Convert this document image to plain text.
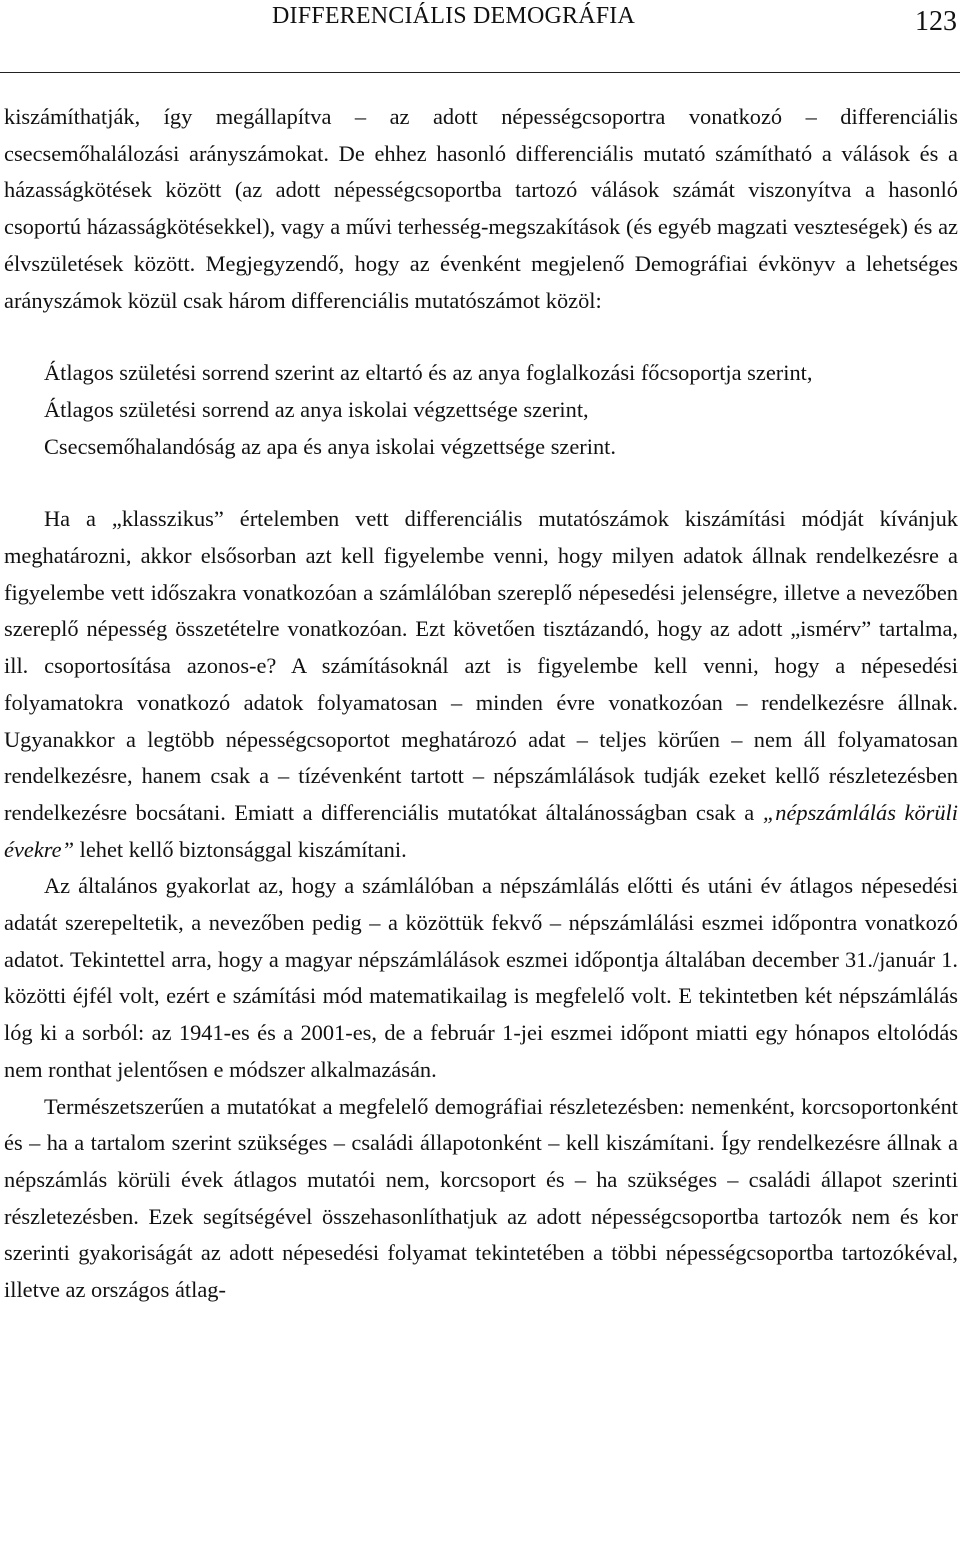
DIFFERENCIÁLIS DEMOGRÁFIA	123

kiszámíthatják, így megállapítva – az adott népességcsoportra vonatkozó – differenciális csecsemőhalálozási arányszámokat. De ehhez hasonló differenciális mutató számítható a válások és a házasságkötések között (az adott népességcsoportba tartozó válások számát viszonyítva a hasonló csoportú házasságkötésekkel), vagy a művi terhesség-megszakítások (és egyéb magzati veszteségek) és az élvszületések között. Megjegyzendő, hogy az évenként megjelenő Demográfiai évkönyv a lehetséges arányszámok közül csak három differenciális mutatószámot közöl:

Átlagos születési sorrend szerint az eltartó és az anya foglalkozási főcsoportja szerint,
Átlagos születési sorrend az anya iskolai végzettsége szerint,
Csecsemőhalandóság az apa és anya iskolai végzettsége szerint.

Ha a „klasszikus” értelemben vett differenciális mutatószámok kiszámítási módját kívánjuk meghatározni, akkor elsősorban azt kell figyelembe venni, hogy milyen adatok állnak rendelkezésre a figyelembe vett időszakra vonatkozóan a számlálóban szereplő népesedési jelenségre, illetve a nevezőben szereplő népesség összetételre vonatkozóan. Ezt követően tisztázandó, hogy az adott „ismérv” tartalma, ill. csoportosítása azonos-e? A számításoknál azt is figyelembe kell venni, hogy a népesedési folyamatokra vonatkozó adatok folyamatosan – minden évre vonatkozóan – rendelkezésre állnak. Ugyanakkor a legtöbb népességcsoportot meghatározó adat – teljes körűen – nem áll folyamatosan rendelkezésre, hanem csak a – tízévenként tartott – népszámlálások tudják ezeket kellő részletezésben rendelkezésre bocsátani. Emiatt a differenciális mutatókat általánosságban csak a „népszámlálás körüli évekre” lehet kellő biztonsággal kiszámítani.

Az általános gyakorlat az, hogy a számlálóban a népszámlálás előtti és utáni év átlagos népesedési adatát szerepeltetik, a nevezőben pedig – a közöttük fekvő – népszámlálási eszmei időpontra vonatkozó adatot. Tekintettel arra, hogy a magyar népszámlálások eszmei időpontja általában december 31./január 1. közötti éjfél volt, ezért e számítási mód matematikailag is megfelelő volt. E tekintetben két népszámlálás lóg ki a sorból: az 1941-es és a 2001-es, de a február 1-jei eszmei időpont miatti egy hónapos eltolódás nem ronthat jelentősen e módszer alkalmazásán.

Természetszerűen a mutatókat a megfelelő demográfiai részletezésben: nemenként, korcsoportonként és – ha a tartalom szerint szükséges – családi állapotonként – kell kiszámítani. Így rendelkezésre állnak a népszámlás körüli évek átlagos mutatói nem, korcsoport és – ha szükséges – családi állapot szerinti részletezésben. Ezek segítségével összehasonlíthatjuk az adott népességcsoportba tartozók nem és kor szerinti gyakoriságát az adott népesedési folyamat tekintetében a többi népességcsoportba tartozókéval, illetve az országos átlag-
